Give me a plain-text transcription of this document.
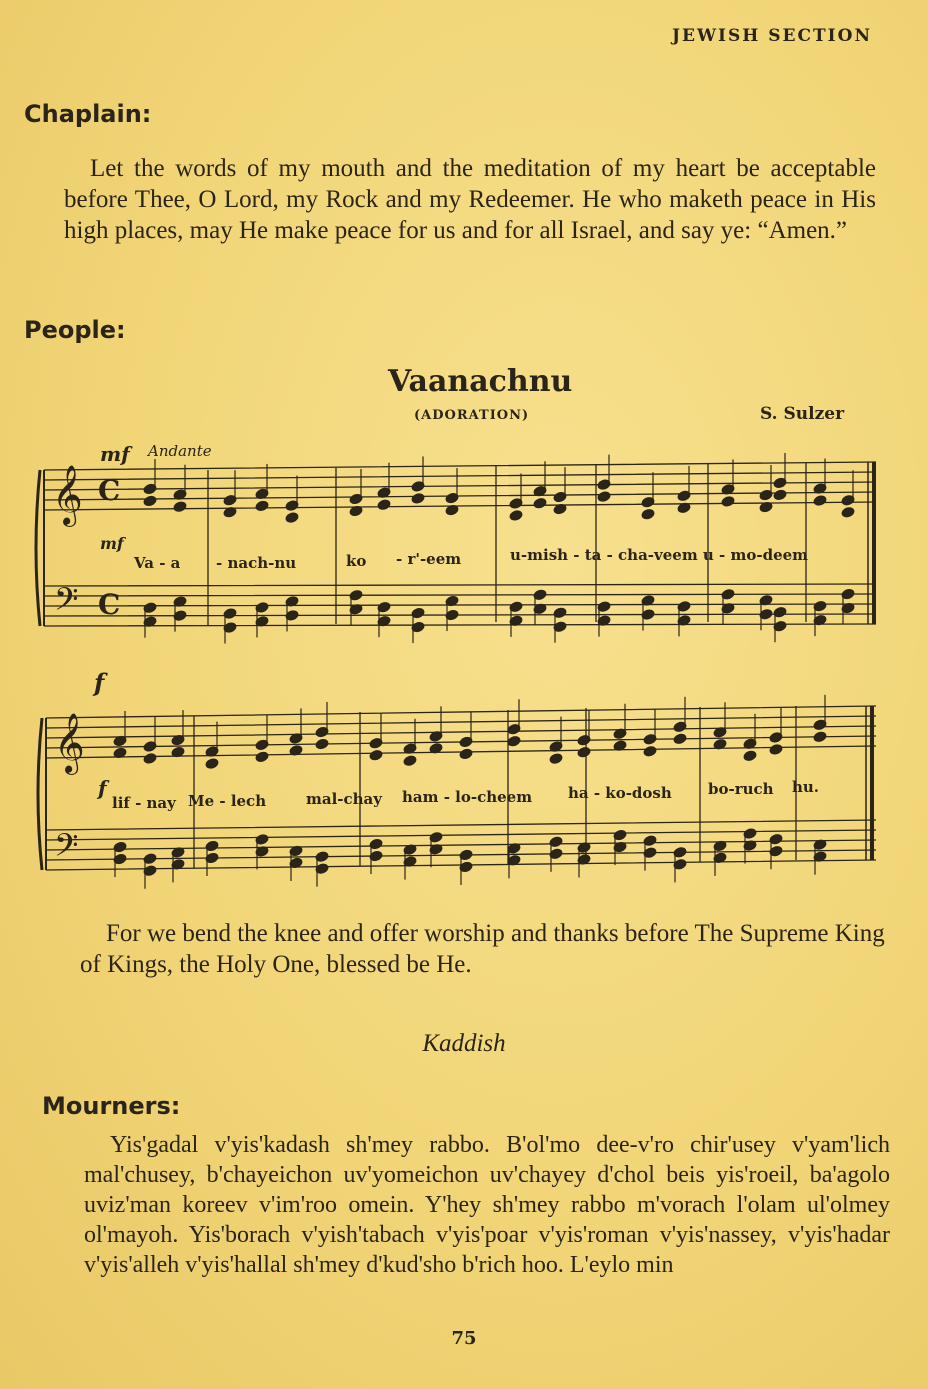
JEWISH SECTION
Chaplain:
Let the words of my mouth and the meditation of my heart be acceptable before Thee, O Lord, my Rock and my Redeemer. He who maketh peace in His high places, may He make peace for us and for all Israel, and say ye: “Amen.”
People:
Vaanachnu
(ADORATION)	S. Sulzer
mf Andante
mf
f
f
𝄞 C
𝄢 C
𝄞
𝄢
Va - a - nach-nu	ko - r'-eem	u-mish - ta - cha-veem u - mo-deem
lif - nay Me - lech	mal-chay ham - lo-cheem ha - ko-dosh bo-ruch hu.
For we bend the knee and offer worship and thanks before The Supreme King of Kings, the Holy One, blessed be He.
Kaddish
Mourners:
Yis'gadal v'yis'kadash sh'mey rabbo. B'ol'mo dee-v'ro chir'usey v'yam'lich mal'chusey, b'chayeichon uv'yomeichon uv'chayey d'chol beis yis'roeil, ba'agolo uviz'man koreev v'im'roo omein. Y'hey sh'mey rabbo m'vorach l'olam ul'olmey ol'mayoh. Yis'borach v'yish'tabach v'yis'poar v'yis'roman v'yis'nassey, v'yis'hadar v'yis'alleh v'yis'hallal sh'mey d'kud'sho b'rich hoo. L'eylo min
75
